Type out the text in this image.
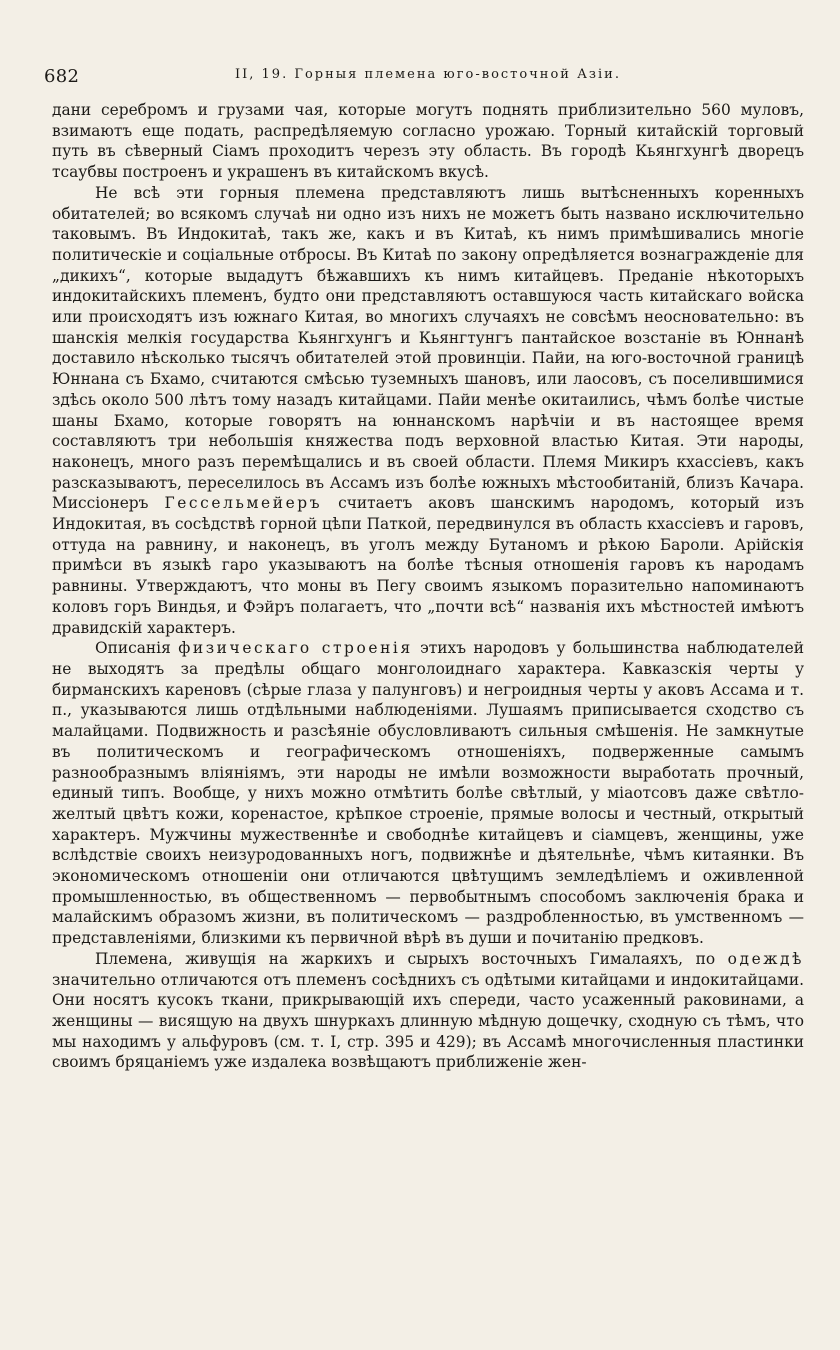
682	II, 19. Горныя племена юго-восточной Азіи.

дани серебромъ и грузами чая, которые могутъ поднять приблизительно 560 муловъ, взимаютъ еще подать, распредѣляемую согласно урожаю. Торный китайскій торговый путь въ сѣверный Сіамъ проходитъ черезъ эту область. Въ городѣ Кьянгхунгѣ дворецъ тсаубвы построенъ и украшенъ въ китайскомъ вкусѣ.

Не всѣ эти горныя племена представляютъ лишь вытѣсненныхъ коренныхъ обитателей; во всякомъ случаѣ ни одно изъ нихъ не можетъ быть названо исключительно таковымъ. Въ Индокитаѣ, такъ же, какъ и въ Китаѣ, къ нимъ примѣшивались многіе политическіе и соціальные отбросы. Въ Китаѣ по закону опредѣляется вознагражденіе для „дикихъ“, которые выдадутъ бѣжавшихъ къ нимъ китайцевъ. Преданіе нѣкоторыхъ индокитайскихъ племенъ, будто они представляютъ оставшуюся часть китайскаго войска или происходятъ изъ южнаго Китая, во многихъ случаяхъ не совсѣмъ неосновательно: въ шанскія мелкія государства Кьянгхунгъ и Кьянгтунгъ пантайское возстаніе въ Юннанѣ доставило нѣсколько тысячъ обитателей этой провинціи. Пайи, на юго-восточной границѣ Юннана съ Бхамо, считаются смѣсью туземныхъ шановъ, или лаосовъ, съ поселившимися здѣсь около 500 лѣтъ тому назадъ китайцами. Пайи менѣе окитаились, чѣмъ болѣе чистые шаны Бхамо, которые говорятъ на юннанскомъ нарѣчіи и въ настоящее время составляютъ три небольшія княжества подъ верховной властью Китая. Эти народы, наконецъ, много разъ перемѣщались и въ своей области. Племя Микиръ кхассіевъ, какъ разсказываютъ, переселилось въ Ассамъ изъ болѣе южныхъ мѣстообитаній, близъ Качара. Миссіонеръ Гессельмейеръ считаетъ аковъ шанскимъ народомъ, который изъ Индокитая, въ сосѣдствѣ горной цѣпи Паткой, передвинулся въ область кхассіевъ и гаровъ, оттуда на равнину, и наконецъ, въ уголъ между Бутаномъ и рѣкою Бароли. Арійскія примѣси въ языкѣ гаро указываютъ на болѣе тѣсныя отношенія гаровъ къ народамъ равнины. Утверждаютъ, что моны въ Пегу своимъ языкомъ поразительно напоминаютъ коловъ горъ Виндья, и Фэйръ полагаетъ, что „почти всѣ“ названія ихъ мѣстностей имѣютъ дравидскій характеръ.

Описанія физическаго строенія этихъ народовъ у большинства наблюдателей не выходятъ за предѣлы общаго монголоиднаго характера. Кавказскія черты у бирманскихъ кареновъ (сѣрые глаза у палунговъ) и негроидныя черты у аковъ Ассама и т. п., указываются лишь отдѣльными наблюденіями. Лушаямъ приписывается сходство съ малайцами. Подвижность и разсѣяніе обусловливаютъ сильныя смѣшенія. Не замкнутые въ политическомъ и географическомъ отношеніяхъ, подверженные самымъ разнообразнымъ вліяніямъ, эти народы не имѣли возможности выработать прочный, единый типъ. Вообще, у нихъ можно отмѣтить болѣе свѣтлый, у міаотсовъ даже свѣтло-желтый цвѣтъ кожи, коренастое, крѣпкое строеніе, прямые волосы и честный, открытый характеръ. Мужчины мужественнѣе и свободнѣе китайцевъ и сіамцевъ, женщины, уже вслѣдствіе своихъ неизуродованныхъ ногъ, подвижнѣе и дѣятельнѣе, чѣмъ китаянки. Въ экономическомъ отношеніи они отличаются цвѣтущимъ земледѣліемъ и оживленной промышленностью, въ общественномъ — первобытнымъ способомъ заключенія брака и малайскимъ образомъ жизни, въ политическомъ — раздробленностью, въ умственномъ — представленіями, близкими къ первичной вѣрѣ въ души и почитанію предковъ.

Племена, живущія на жаркихъ и сырыхъ восточныхъ Гималаяхъ, по одеждѣ значительно отличаются отъ племенъ сосѣднихъ съ одѣтыми китайцами и индокитайцами. Они носятъ кусокъ ткани, прикрывающій ихъ спереди, часто усаженный раковинами, а женщины — висящую на двухъ шнуркахъ длинную мѣдную дощечку, сходную съ тѣмъ, что мы находимъ у альфуровъ (см. т. I, стр. 395 и 429); въ Ассамѣ многочисленныя пластинки своимъ бряцаніемъ уже издалека возвѣщаютъ приближеніе жен-
